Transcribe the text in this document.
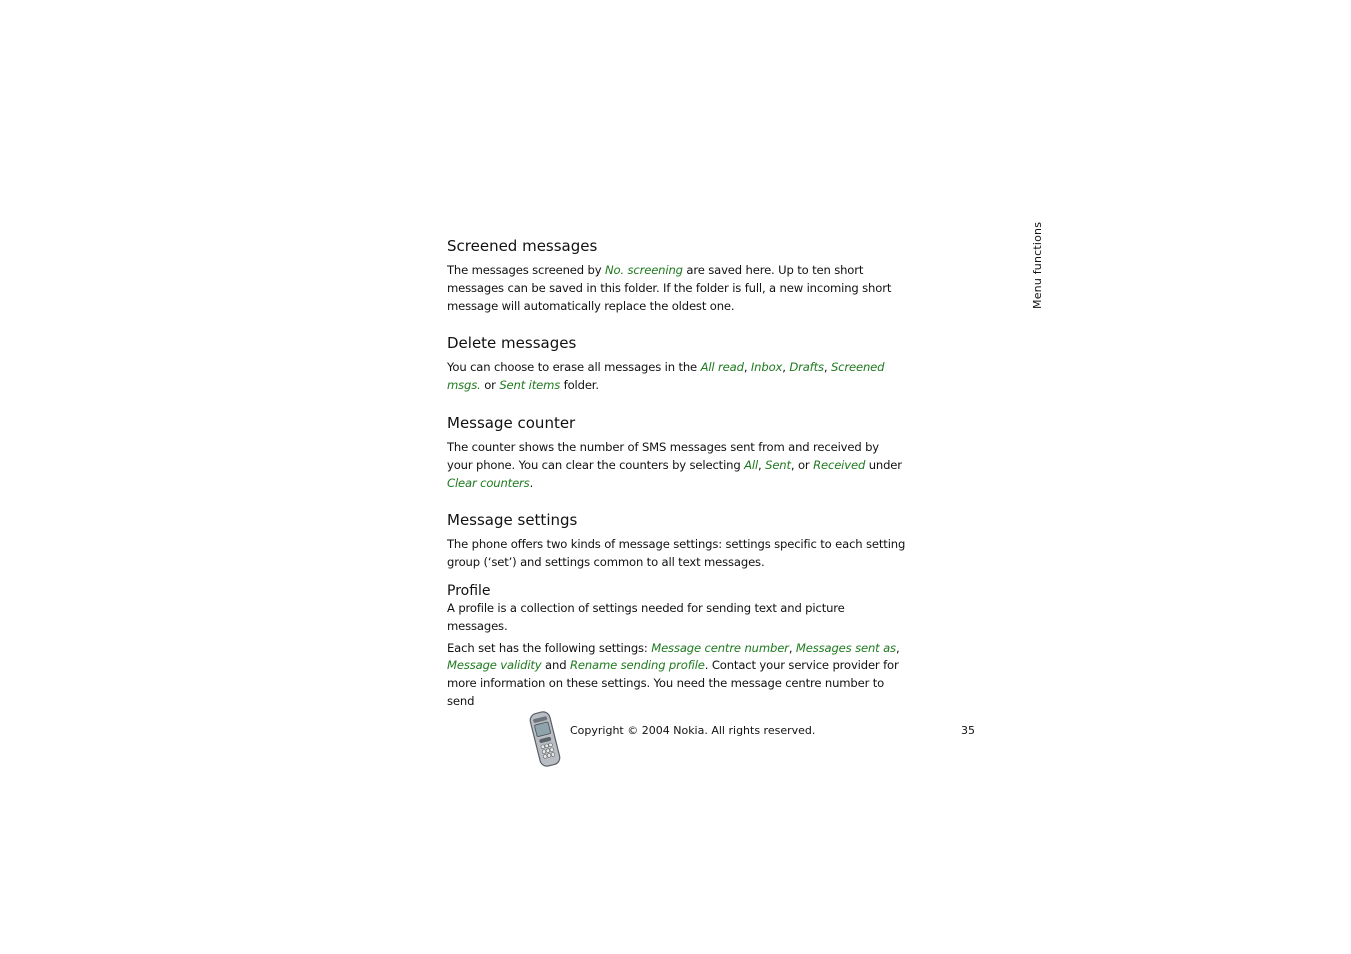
Menu functions
Screened messages

The messages screened by No. screening are saved here. Up to ten short messages can be saved in this folder. If the folder is full, a new incoming short message will automatically replace the oldest one.

Delete messages

You can choose to erase all messages in the All read, Inbox, Drafts, Screened msgs. or Sent items folder.

Message counter

The counter shows the number of SMS messages sent from and received by your phone. You can clear the counters by selecting All, Sent, or Received under Clear counters.

Message settings

The phone offers two kinds of message settings: settings specific to each setting group (‘set’) and settings common to all text messages.

Profile

A profile is a collection of settings needed for sending text and picture messages.

Each set has the following settings: Message centre number, Messages sent as, Message validity and Rename sending profile. Contact your service provider for more information on these settings. You need the message centre number to send

Copyright © 2004 Nokia. All rights reserved.	35
